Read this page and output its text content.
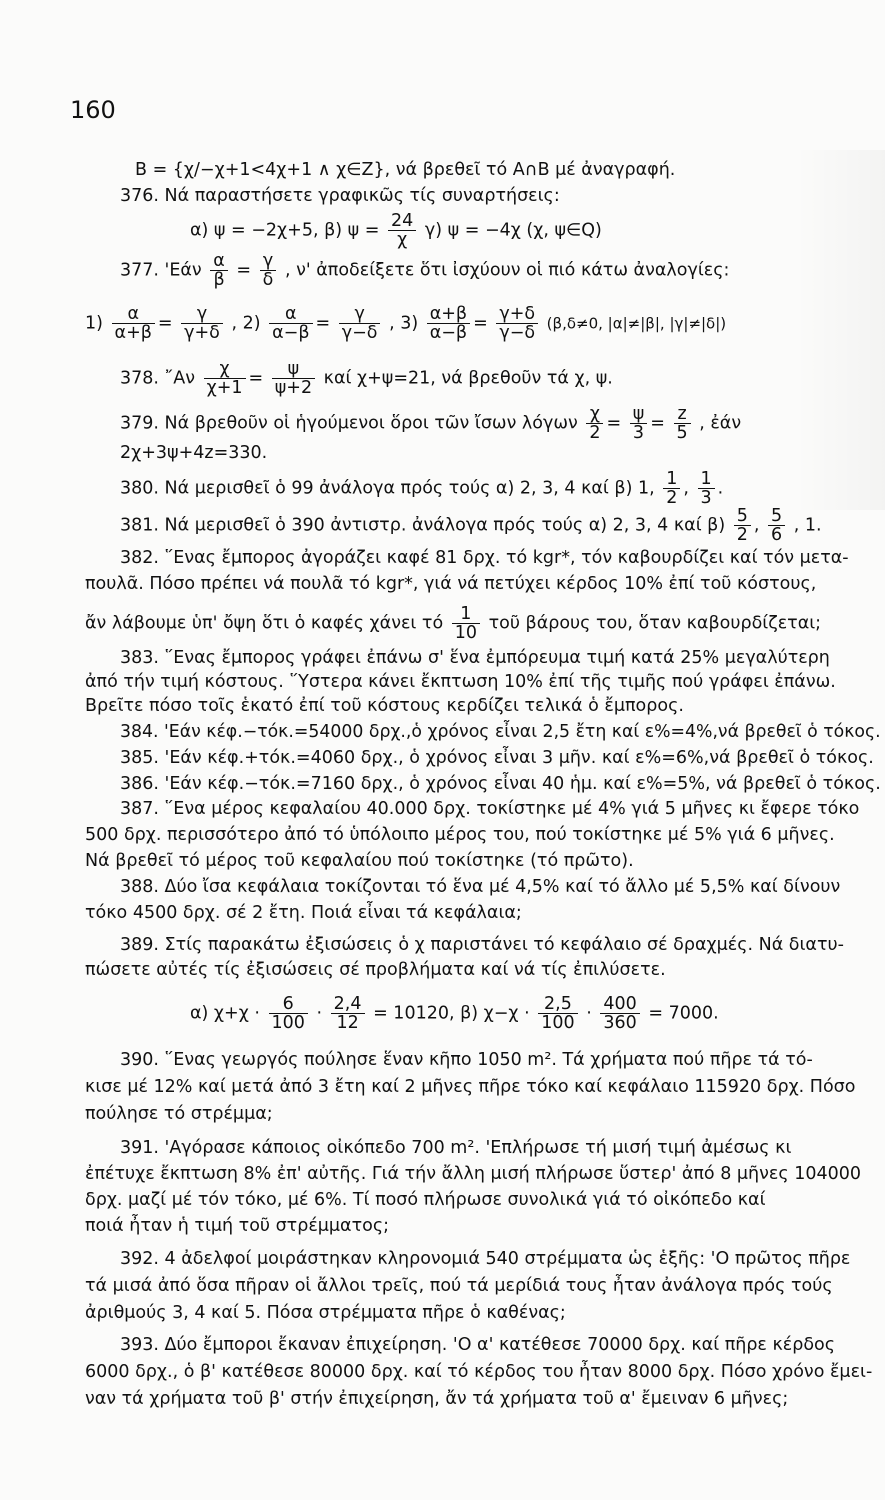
160
B = {χ/−χ+1<4χ+1 ∧ χ∈Z}, νά βρεθεῖ τό A∩B μέ ἀναγραφή.
376. Νά παραστήσετε γραφικῶς τίς συναρτήσεις:
α) ψ = −2χ+5, β) $\psi = \frac{24}{\chi} \gamma$) ψ = −4χ (χ, ψ∈Q)
377. '$Eά\nu \frac{\alpha}{\beta} = \frac{\gamma}{\delta}$ , ν' ἀποδείξετε ὅτι ἰσχύουν οἱ πιό κάτω ἀναλογίες:
$1) \frac{\alpha}{\alpha+\beta} = \frac{\gamma}{\gamma+\delta}$ , $2) \frac{\alpha}{\alpha-\beta} = \frac{\gamma}{\gamma-\delta}$ , $3) \frac{\alpha+\beta}{\alpha-\beta} = \frac{\gamma+\delta}{\gamma-\delta} (\beta,\delta\ne 0$, |α|≠|β|, |γ|≠|δ|)
378. ῎Αν $\frac{\chi}{\chi+1} = \frac{\psi}{\psi+2}$ καί χ+ψ=21, νά βρεθοῦν τά χ, ψ.
379. Νά βρεθοῦν οἱ ἡγούμενοι ὅροι τῶν ἴσων λόγων $\frac{\chi}{2} = \frac{\psi}{3} = \frac{z}{5}$ , ἐάν
2χ+3ψ+4z=330.
380. Νά μερισθεῖ ὁ 99 ἀνάλογα πρός τούς α) 2, 3, 4 καί β) 1, $\frac{1}{2}$ , $\frac{1}{3}$ .
381. Νά μερισθεῖ ὁ 390 ἀντιστρ. ἀνάλογα πρός τούς α) 2, 3, 4 καί $\beta) \frac{5}{2}$ , $\frac{5}{6}$ , 1.
382. ῞Ενας ἔμπορος ἀγοράζει καφέ 81 δρχ. τό kgr*, τόν καβουρδίζει καί τόν μετα-
πουλᾶ. Πόσο πρέπει νά πουλᾶ τό kgr*, γιά νά πετύχει κέρδος 10% ἐπί τοῦ κόστους,
ἄν λάβουμε ὑπ' ὄψη ὅτι ὁ καφές χάνει τό $\frac{1}{10}$ τοῦ βάρους του, ὅταν καβουρδίζεται;
383. ῞Ενας ἔμπορος γράφει ἐπάνω σ' ἕνα ἐμπόρευμα τιμή κατά 25% μεγαλύτερη
ἀπό τήν τιμή κόστους. ῞Υστερα κάνει ἔκπτωση 10% ἐπί τῆς τιμῆς πού γράφει ἐπάνω.
Βρεῖτε πόσο τοῖς ἑκατό ἐπί τοῦ κόστους κερδίζει τελικά ὁ ἔμπορος.
384. 'Εάν κέφ.−τόκ.=54000 δρχ.,ὁ χρόνος εἶναι 2,5 ἔτη καί ε%=4%,νά βρεθεῖ ὁ τόκος.
385. 'Εάν κέφ.+τόκ.=4060 δρχ., ὁ χρόνος εἶναι 3 μῆν. καί ε%=6%,νά βρεθεῖ ὁ τόκος.
386. 'Εάν κέφ.−τόκ.=7160 δρχ., ὁ χρόνος εἶναι 40 ἡμ. καί ε%=5%, νά βρεθεῖ ὁ τόκος.
387. ῞Ενα μέρος κεφαλαίου 40.000 δρχ. τοκίστηκε μέ 4% γιά 5 μῆνες κι ἔφερε τόκο
500 δρχ. περισσότερο ἀπό τό ὑπόλοιπο μέρος του, πού τοκίστηκε μέ 5% γιά 6 μῆνες.
Νά βρεθεῖ τό μέρος τοῦ κεφαλαίου πού τοκίστηκε (τό πρῶτο).
388. Δύο ἴσα κεφάλαια τοκίζονται τό ἕνα μέ 4,5% καί τό ἄλλο μέ 5,5% καί δίνουν
τόκο 4500 δρχ. σέ 2 ἔτη. Ποιά εἶναι τά κεφάλαια;
389. Στίς παρακάτω ἐξισώσεις ὁ χ παριστάνει τό κεφάλαιο σέ δραχμές. Νά διατυ-
πώσετε αὐτές τίς ἐξισώσεις σέ προβλήματα καί νά τίς ἐπιλύσετε.
α) $\chi+\chi \cdot \frac{6}{100} \cdot \frac{2,4}{12} = 10120$, β) $\chi-\chi \cdot \frac{2,5}{100} \cdot \frac{400}{360} = 7000$.
390. ῞Ενας γεωργός πούλησε ἕναν κῆπο 1050 m². Τά χρήματα πού πῆρε τά τό-
κισε μέ 12% καί μετά ἀπό 3 ἔτη καί 2 μῆνες πῆρε τόκο καί κεφάλαιο 115920 δρχ. Πόσο
πούλησε τό στρέμμα;
391. 'Αγόρασε κάποιος οἰκόπεδο 700 m². 'Επλήρωσε τή μισή τιμή ἀμέσως κι
ἐπέτυχε ἔκπτωση 8% ἐπ' αὐτῆς. Γιά τήν ἄλλη μισή πλήρωσε ὕστερ' ἀπό 8 μῆνες 104000
δρχ. μαζί μέ τόν τόκο, μέ 6%. Τί ποσό πλήρωσε συνολικά γιά τό οἰκόπεδο καί
ποιά ἦταν ἡ τιμή τοῦ στρέμματος;
392. 4 ἀδελφοί μοιράστηκαν κληρονομιά 540 στρέμματα ὡς ἑξῆς: 'Ο πρῶτος πῆρε
τά μισά ἀπό ὅσα πῆραν οἱ ἄλλοι τρεῖς, πού τά μερίδιά τους ἦταν ἀνάλογα πρός τούς
ἀριθμούς 3, 4 καί 5. Πόσα στρέμματα πῆρε ὁ καθένας;
393. Δύο ἔμποροι ἔκαναν ἐπιχείρηση. 'Ο α' κατέθεσε 70000 δρχ. καί πῆρε κέρδος
6000 δρχ., ὁ β' κατέθεσε 80000 δρχ. καί τό κέρδος του ἦταν 8000 δρχ. Πόσο χρόνο ἔμει-
ναν τά χρήματα τοῦ β' στήν ἐπιχείρηση, ἄν τά χρήματα τοῦ α' ἔμειναν 6 μῆνες;
